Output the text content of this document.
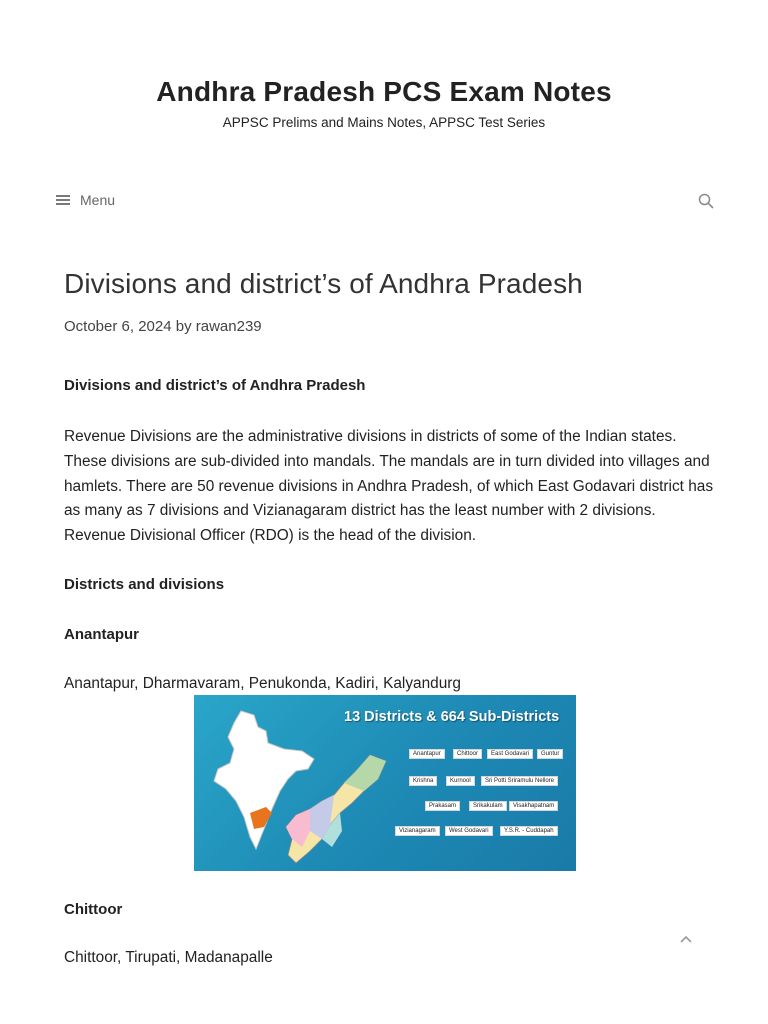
Andhra Pradesh PCS Exam Notes
APPSC Prelims and Mains Notes, APPSC Test Series
Menu
Divisions and district’s of Andhra Pradesh
October 6, 2024 by rawan239
Divisions and district’s of Andhra Pradesh

Revenue Divisions are the administrative divisions in districts of some of the Indian states. These divisions are sub-divided into mandals. The mandals are in turn divided into villages and hamlets. There are 50 revenue divisions in Andhra Pradesh, of which East Godavari district has as many as 7 divisions and Vizianagaram district has the least number with 2 divisions. Revenue Divisional Officer (RDO) is the head of the division.

Districts and divisions
Anantapur

Anantapur, Dharmavaram, Penukonda, Kadiri, Kalyandurg

13 Districts & 664 Sub-Districts
Anantapur	Chittoor	East Godavari	Guntur
Krishna	Kurnool	Sri Potti Sriramulu Nellore
Prakasam	Srikakulam	Visakhapatnam
Vizianagaram	West Godavari	Y.S.R. - Cuddapah
Chittoor

Chittoor, Tirupati, Madanapalle
